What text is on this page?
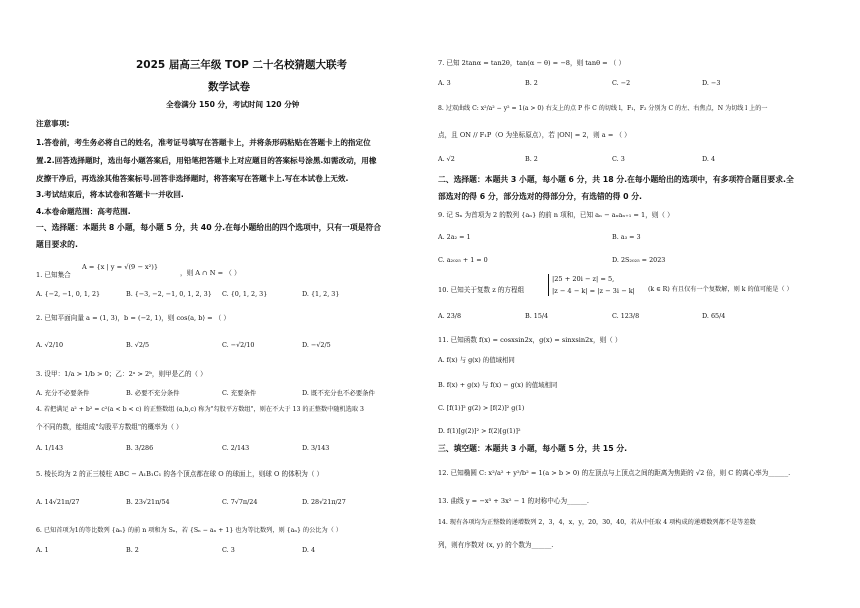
2025 届高三年级 TOP 二十名校猜题大联考
数学试卷
全卷满分 150 分，考试时间 120 分钟
注意事项:
1.答卷前，考生务必将自己的姓名，准考证号填写在答题卡上，并将条形码粘贴在答题卡上的指定位
置.2.回答选择题时，选出每小题答案后，用铅笔把答题卡上对应题目的答案标号涂黑.如需改动，用橡
皮擦干净后，再选涂其他答案标号.回答非选择题时，将答案写在答题卡上.写在本试卷上无效.
3.考试结束后，将本试卷和答题卡一并收回.
4.本卷命题范围：高考范围.
一、选择题：本题共 8 小题，每小题 5 分，共 40 分.在每小题给出的四个选项中，只有一项是符合
题目要求的.
1. 已知集合
A = {x | y = √(9 − x²)}
，则 A ∩ N = （ ）
A. {−2, −1, 0, 1, 2}	B. {−3, −2, −1, 0, 1, 2, 3} C. {0, 1, 2, 3}	D. {1, 2, 3}
2. 已知平面向量 a = (1, 3)，b = (−2, 1)，则 cos⟨a, b⟩ = （ ）
A. √2/10	B. √2/5	C. −√2/10	D. −√2/5
3. 设甲：1/a > 1/b > 0；乙：2ᵃ > 2ᵇ，则甲是乙的（ ）
A. 充分不必要条件	B. 必要不充分条件	C. 充要条件	D. 既不充分也不必要条件
4. 若把满足 a² + b² = c²(a < b < c) 的正整数组 (a,b,c) 称为"勾股平方数组"，则在不大于 13 的正整数中随机选取 3
个不同的数，能组成"勾股平方数组"的概率为（ ）
A. 1/143	B. 3/286	C. 2/143	D. 3/143
5. 棱长均为 2 的正三棱柱 ABC − A₁B₁C₁ 的各个顶点都在球 O 的球面上，则球 O 的体积为（ ）
A. 14√21π/27	B. 23√21π/54	C. 7√7π/24	D. 28√21π/27
6. 已知首项为1的等比数列 {aₙ} 的前 n 项和为 Sₙ，若 {Sₙ − aₙ + 1} 也为等比数列，则 {aₙ} 的公比为（ ）
A. 1	B. 2	C. 3	D. 4
7. 已知 2tanα = tan2θ，tan(α − θ) = −8，则 tanθ = （ ）
A. 3	B. 2	C. −2	D. −3
8. 过双曲线 C: x²/a² − y² = 1(a > 0) 右支上的点 P 作 C 的切线 l，F₁，F₂ 分别为 C 的左、右焦点，N 为切线 l 上的一
点，且 ON // F₁P（O 为坐标原点），若 |ON| = 2，则 a = （ ）
A. √2	B. 2	C. 3	D. 4
二、选择题：本题共 3 小题，每小题 6 分，共 18 分.在每小题给出的选项中，有多项符合题目要求.全
部选对的得 6 分，部分选对的得部分分，有选错的得 0 分.
9. 记 Sₙ 为首项为 2 的数列 {aₙ} 的前 n 项和，已知 aₙ − aₙaₙ₊₁ = 1，则（ ）
A. 2a₂ = 1	B. a₃ = 3
C. a₂₀₂₅ + 1 = 0	D. 2S₂₀₂₅ = 2023
10. 已知关于复数 z 的方程组
|25 + 20i − z| = 5,
|z − 4 − k| = |z − 3i − k| (k ∈ R) 有且仅有一个复数解，则 k 的值可能是（ ）
A. 23/8	B. 15/4	C. 123/8	D. 65/4
11. 已知函数 f(x) = cosxsin2x，g(x) = sinxsin2x，则（ ）
A. f(x) 与 g(x) 的值域相同
B. f(x) + g(x) 与 f(x) − g(x) 的值域相同
C. [f(1)]² g(2) > [f(2)]² g(1)
D. f(1)[g(2)]² > f(2)[g(1)]²
三、填空题：本题共 3 小题，每小题 5 分，共 15 分.
12. 已知椭圆 C: x²/a² + y²/b² = 1(a > b > 0) 的左顶点与上顶点之间的距离为焦距的 √2 倍，则 C 的离心率为______.
13. 曲线 y = −x³ + 3x² − 1 的对称中心为______.
14. 现有各项均为正整数的递增数列 2，3，4，x，y，20，30，40，若从中任取 4 项构成的递增数列都不是等差数
列，则有序数对 (x, y) 的个数为______.
